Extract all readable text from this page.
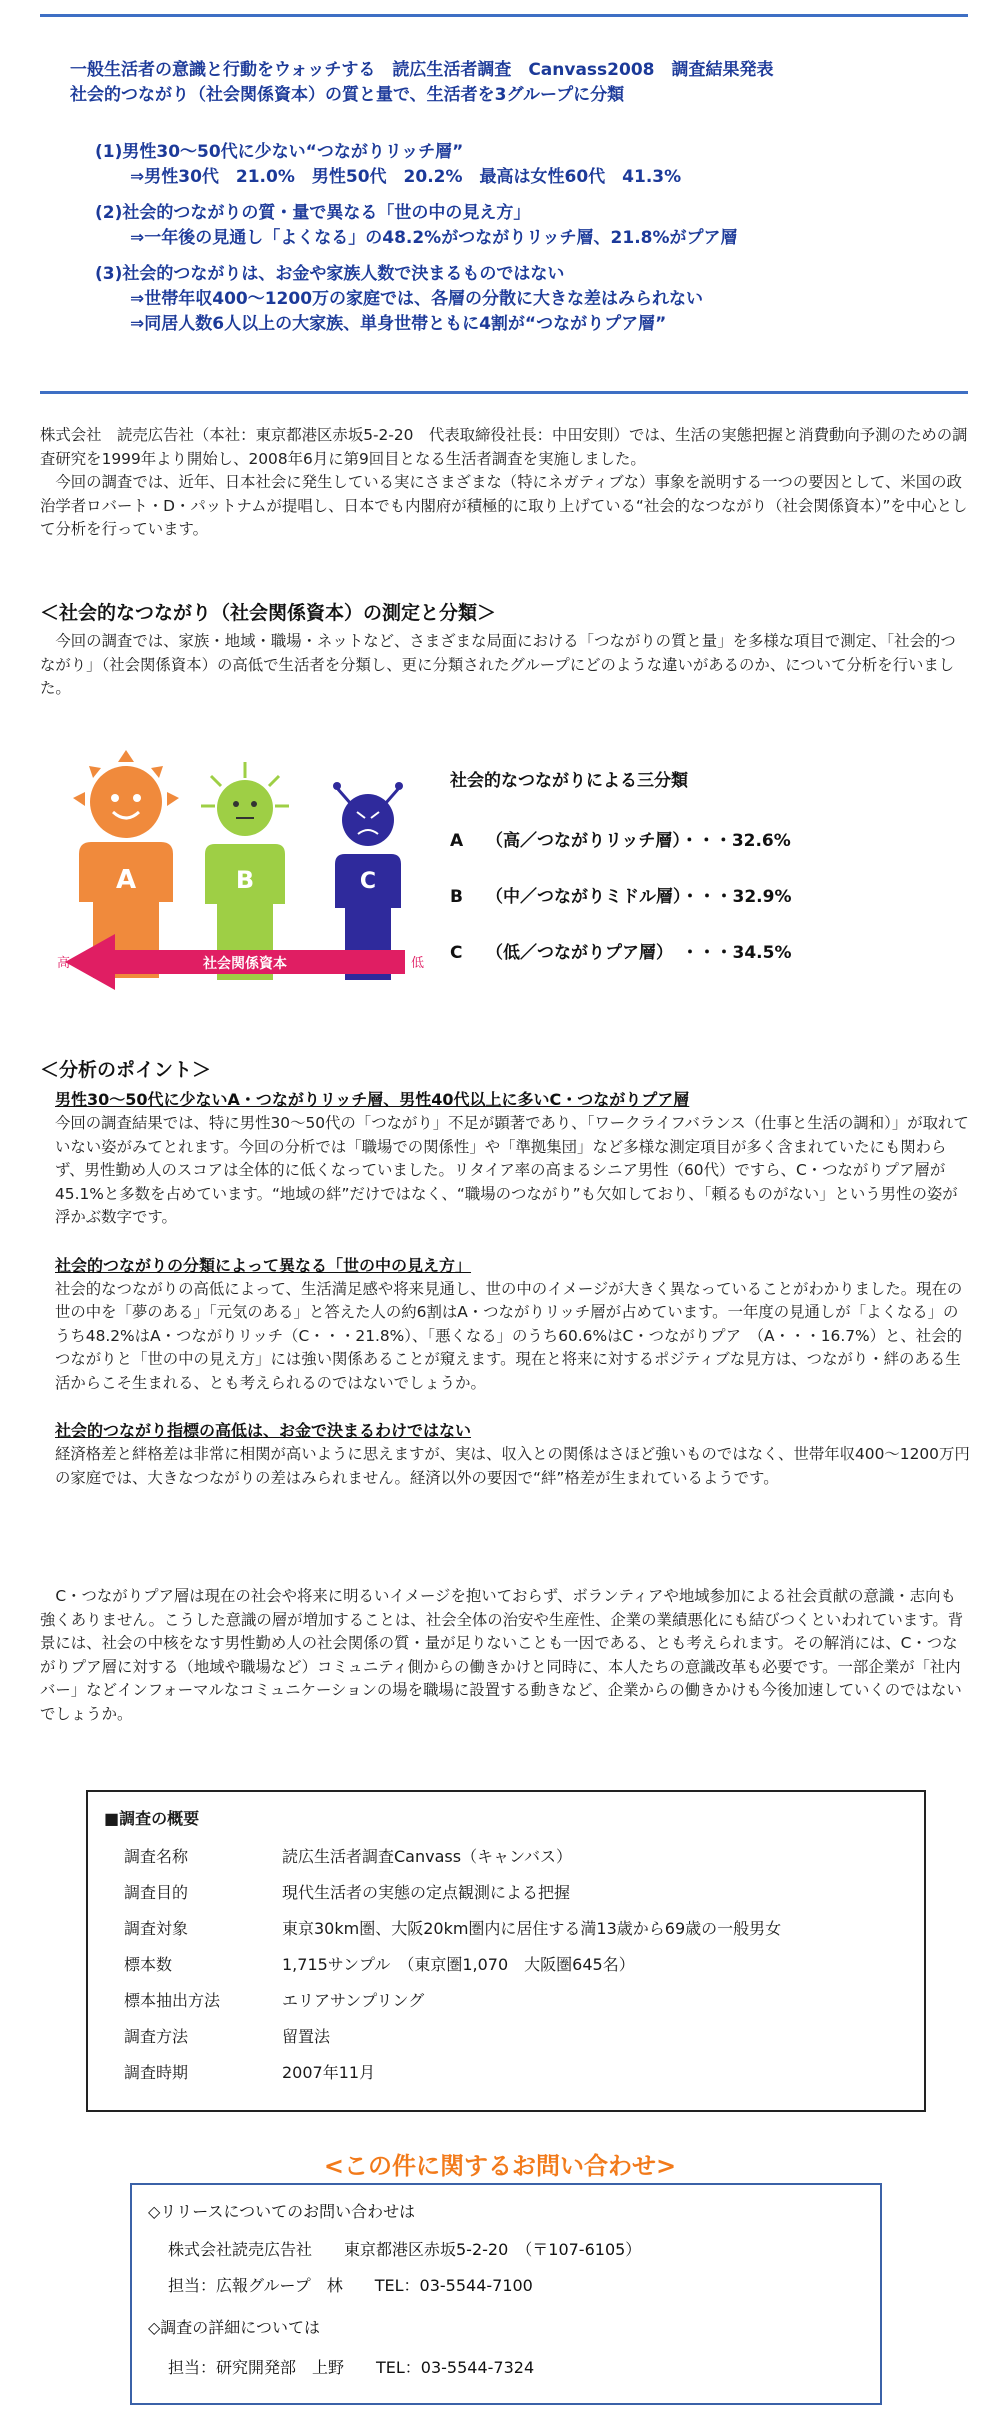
一般生活者の意識と行動をウォッチする　読広生活者調査　Canvass2008　調査結果発表
社会的つながり（社会関係資本）の質と量で、生活者を3グループに分類
(1)男性30〜50代に少ない“つながりリッチ層”
⇒男性30代　21.0%　男性50代　20.2%　最高は女性60代　41.3%
(2)社会的つながりの質・量で異なる「世の中の見え方」
⇒一年後の見通し「よくなる」の48.2%がつながりリッチ層、21.8%がプア層
(3)社会的つながりは、お金や家族人数で決まるものではない
⇒世帯年収400〜1200万の家庭では、各層の分散に大きな差はみられない
⇒同居人数6人以上の大家族、単身世帯ともに4割が“つながりプア層”

株式会社　読売広告社（本社：東京都港区赤坂5-2-20　代表取締役社長：中田安則）では、生活の実態把握と消費動向予測のための調査研究を1999年より開始し、2008年6月に第9回目となる生活者調査を実施しました。

今回の調査では、近年、日本社会に発生している実にさまざまな（特にネガティブな）事象を説明する一つの要因として、米国の政治学者ロバート・D・パットナムが提唱し、日本でも内閣府が積極的に取り上げている“社会的なつながり（社会関係資本）”を中心として分析を行っています。

＜社会的なつながり（社会関係資本）の測定と分類＞

今回の調査では、家族・地域・職場・ネットなど、さまざまな局面における「つながりの質と量」を多様な項目で測定、「社会的つながり」（社会関係資本）の高低で生活者を分類し、更に分類されたグループにどのような違いがあるのか、について分析を行いました。

A	B	C
社会関係資本
高	低
社会的なつながりによる三分類
A （高／つながりリッチ層）・・・32.6%
B （中／つながりミドル層）・・・32.9%
C （低／つながりプア層）　・・・34.5%
＜分析のポイント＞
男性30〜50代に少ないA・つながりリッチ層、男性40代以上に多いC・つながりプア層
今回の調査結果では、特に男性30〜50代の「つながり」不足が顕著であり、「ワークライフバランス（仕事と生活の調和）」が取れていない姿がみてとれます。今回の分析では「職場での関係性」や「準拠集団」など多様な測定項目が多く含まれていたにも関わらず、男性勤め人のスコアは全体的に低くなっていました。リタイア率の高まるシニア男性（60代）ですら、C・つながりプア層が45.1%と多数を占めています。“地域の絆”だけではなく、“職場のつながり”も欠如しており、「頼るものがない」という男性の姿が浮かぶ数字です。
社会的つながりの分類によって異なる「世の中の見え方」
社会的なつながりの高低によって、生活満足感や将来見通し、世の中のイメージが大きく異なっていることがわかりました。現在の世の中を「夢のある」「元気のある」と答えた人の約6割はA・つながりリッチ層が占めています。一年度の見通しが「よくなる」のうち48.2%はA・つながりリッチ（C・・・21.8%）、「悪くなる」のうち60.6%はC・つながりプア　（A・・・16.7%）と、社会的つながりと「世の中の見え方」には強い関係あることが窺えます。現在と将来に対するポジティブな見方は、つながり・絆のある生活からこそ生まれる、とも考えられるのではないでしょうか。
社会的つながり指標の高低は、お金で決まるわけではない
経済格差と絆格差は非常に相関が高いように思えますが、実は、収入との関係はさほど強いものではなく、世帯年収400〜1200万円の家庭では、大きなつながりの差はみられません。経済以外の要因で“絆”格差が生まれているようです。

C・つながりプア層は現在の社会や将来に明るいイメージを抱いておらず、ボランティアや地域参加による社会貢献の意識・志向も強くありません。こうした意識の層が増加することは、社会全体の治安や生産性、企業の業績悪化にも結びつくといわれています。背景には、社会の中核をなす男性勤め人の社会関係の質・量が足りないことも一因である、とも考えられます。その解消には、C・つながりプア層に対する（地域や職場など）コミュニティ側からの働きかけと同時に、本人たちの意識改革も必要です。一部企業が「社内バー」などインフォーマルなコミュニケーションの場を職場に設置する動きなど、企業からの働きかけも今後加速していくのではないでしょうか。

■調査の概要
調査名称	読広生活者調査Canvass（キャンバス）
調査目的	現代生活者の実態の定点観測による把握
調査対象	東京30km圏、大阪20km圏内に居住する満13歳から69歳の一般男女
標本数	1,715サンプル　（東京圏1,070　大阪圏645名）
標本抽出方法	エリアサンプリング
調査方法	留置法
調査時期	2007年11月
<この件に関するお問い合わせ>
◇リリースについてのお問い合わせは
株式会社読売広告社　　東京都港区赤坂5-2-20　（〒107-6105）
担当：広報グループ　林　　TEL：03-5544-7100
◇調査の詳細については
担当：研究開発部　上野　　TEL：03-5544-7324
